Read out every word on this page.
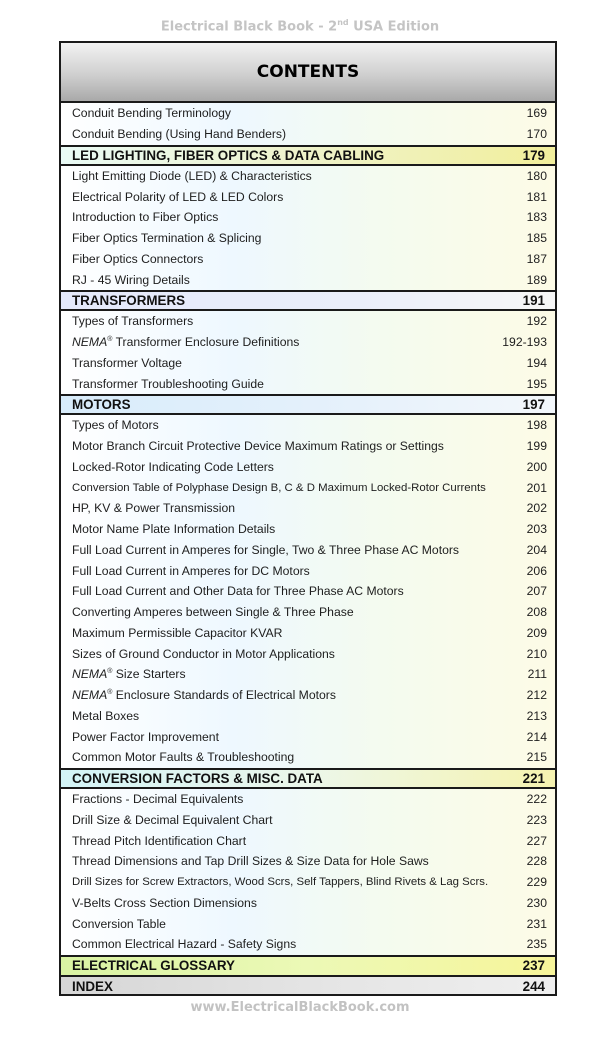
Electrical Black Book - 2nd USA Edition
CONTENTS
Conduit Bending Terminology	169
Conduit Bending (Using Hand Benders)	170
LED LIGHTING, FIBER OPTICS & DATA CABLING	179
Light Emitting Diode (LED) & Characteristics	180
Electrical Polarity of LED & LED Colors	181
Introduction to Fiber Optics	183
Fiber Optics Termination & Splicing	185
Fiber Optics Connectors	187
RJ - 45 Wiring Details	189
TRANSFORMERS	191
Types of Transformers	192
NEMA® Transformer Enclosure Definitions	192-193
Transformer Voltage	194
Transformer Troubleshooting Guide	195
MOTORS	197
Types of Motors	198
Motor Branch Circuit Protective Device Maximum Ratings or Settings	199
Locked-Rotor Indicating Code Letters	200
Conversion Table of Polyphase Design B, C & D Maximum Locked-Rotor Currents	201
HP, KV & Power Transmission	202
Motor Name Plate Information Details	203
Full Load Current in Amperes for Single, Two & Three Phase AC Motors	204
Full Load Current in Amperes for DC Motors	206
Full Load Current and Other Data for Three Phase AC Motors	207
Converting Amperes between Single & Three Phase	208
Maximum Permissible Capacitor KVAR	209
Sizes of Ground Conductor in Motor Applications	210
NEMA® Size Starters	211
NEMA® Enclosure Standards of Electrical Motors	212
Metal Boxes	213
Power Factor Improvement	214
Common Motor Faults & Troubleshooting	215
CONVERSION FACTORS & MISC. DATA	221
Fractions - Decimal Equivalents	222
Drill Size & Decimal Equivalent Chart	223
Thread Pitch Identification Chart	227
Thread Dimensions and Tap Drill Sizes & Size Data for Hole Saws	228
Drill Sizes for Screw Extractors, Wood Scrs, Self Tappers, Blind Rivets & Lag Scrs.	229
V-Belts Cross Section Dimensions	230
Conversion Table	231
Common Electrical Hazard - Safety Signs	235
ELECTRICAL GLOSSARY	237
INDEX	244
www.ElectricalBlackBook.com
